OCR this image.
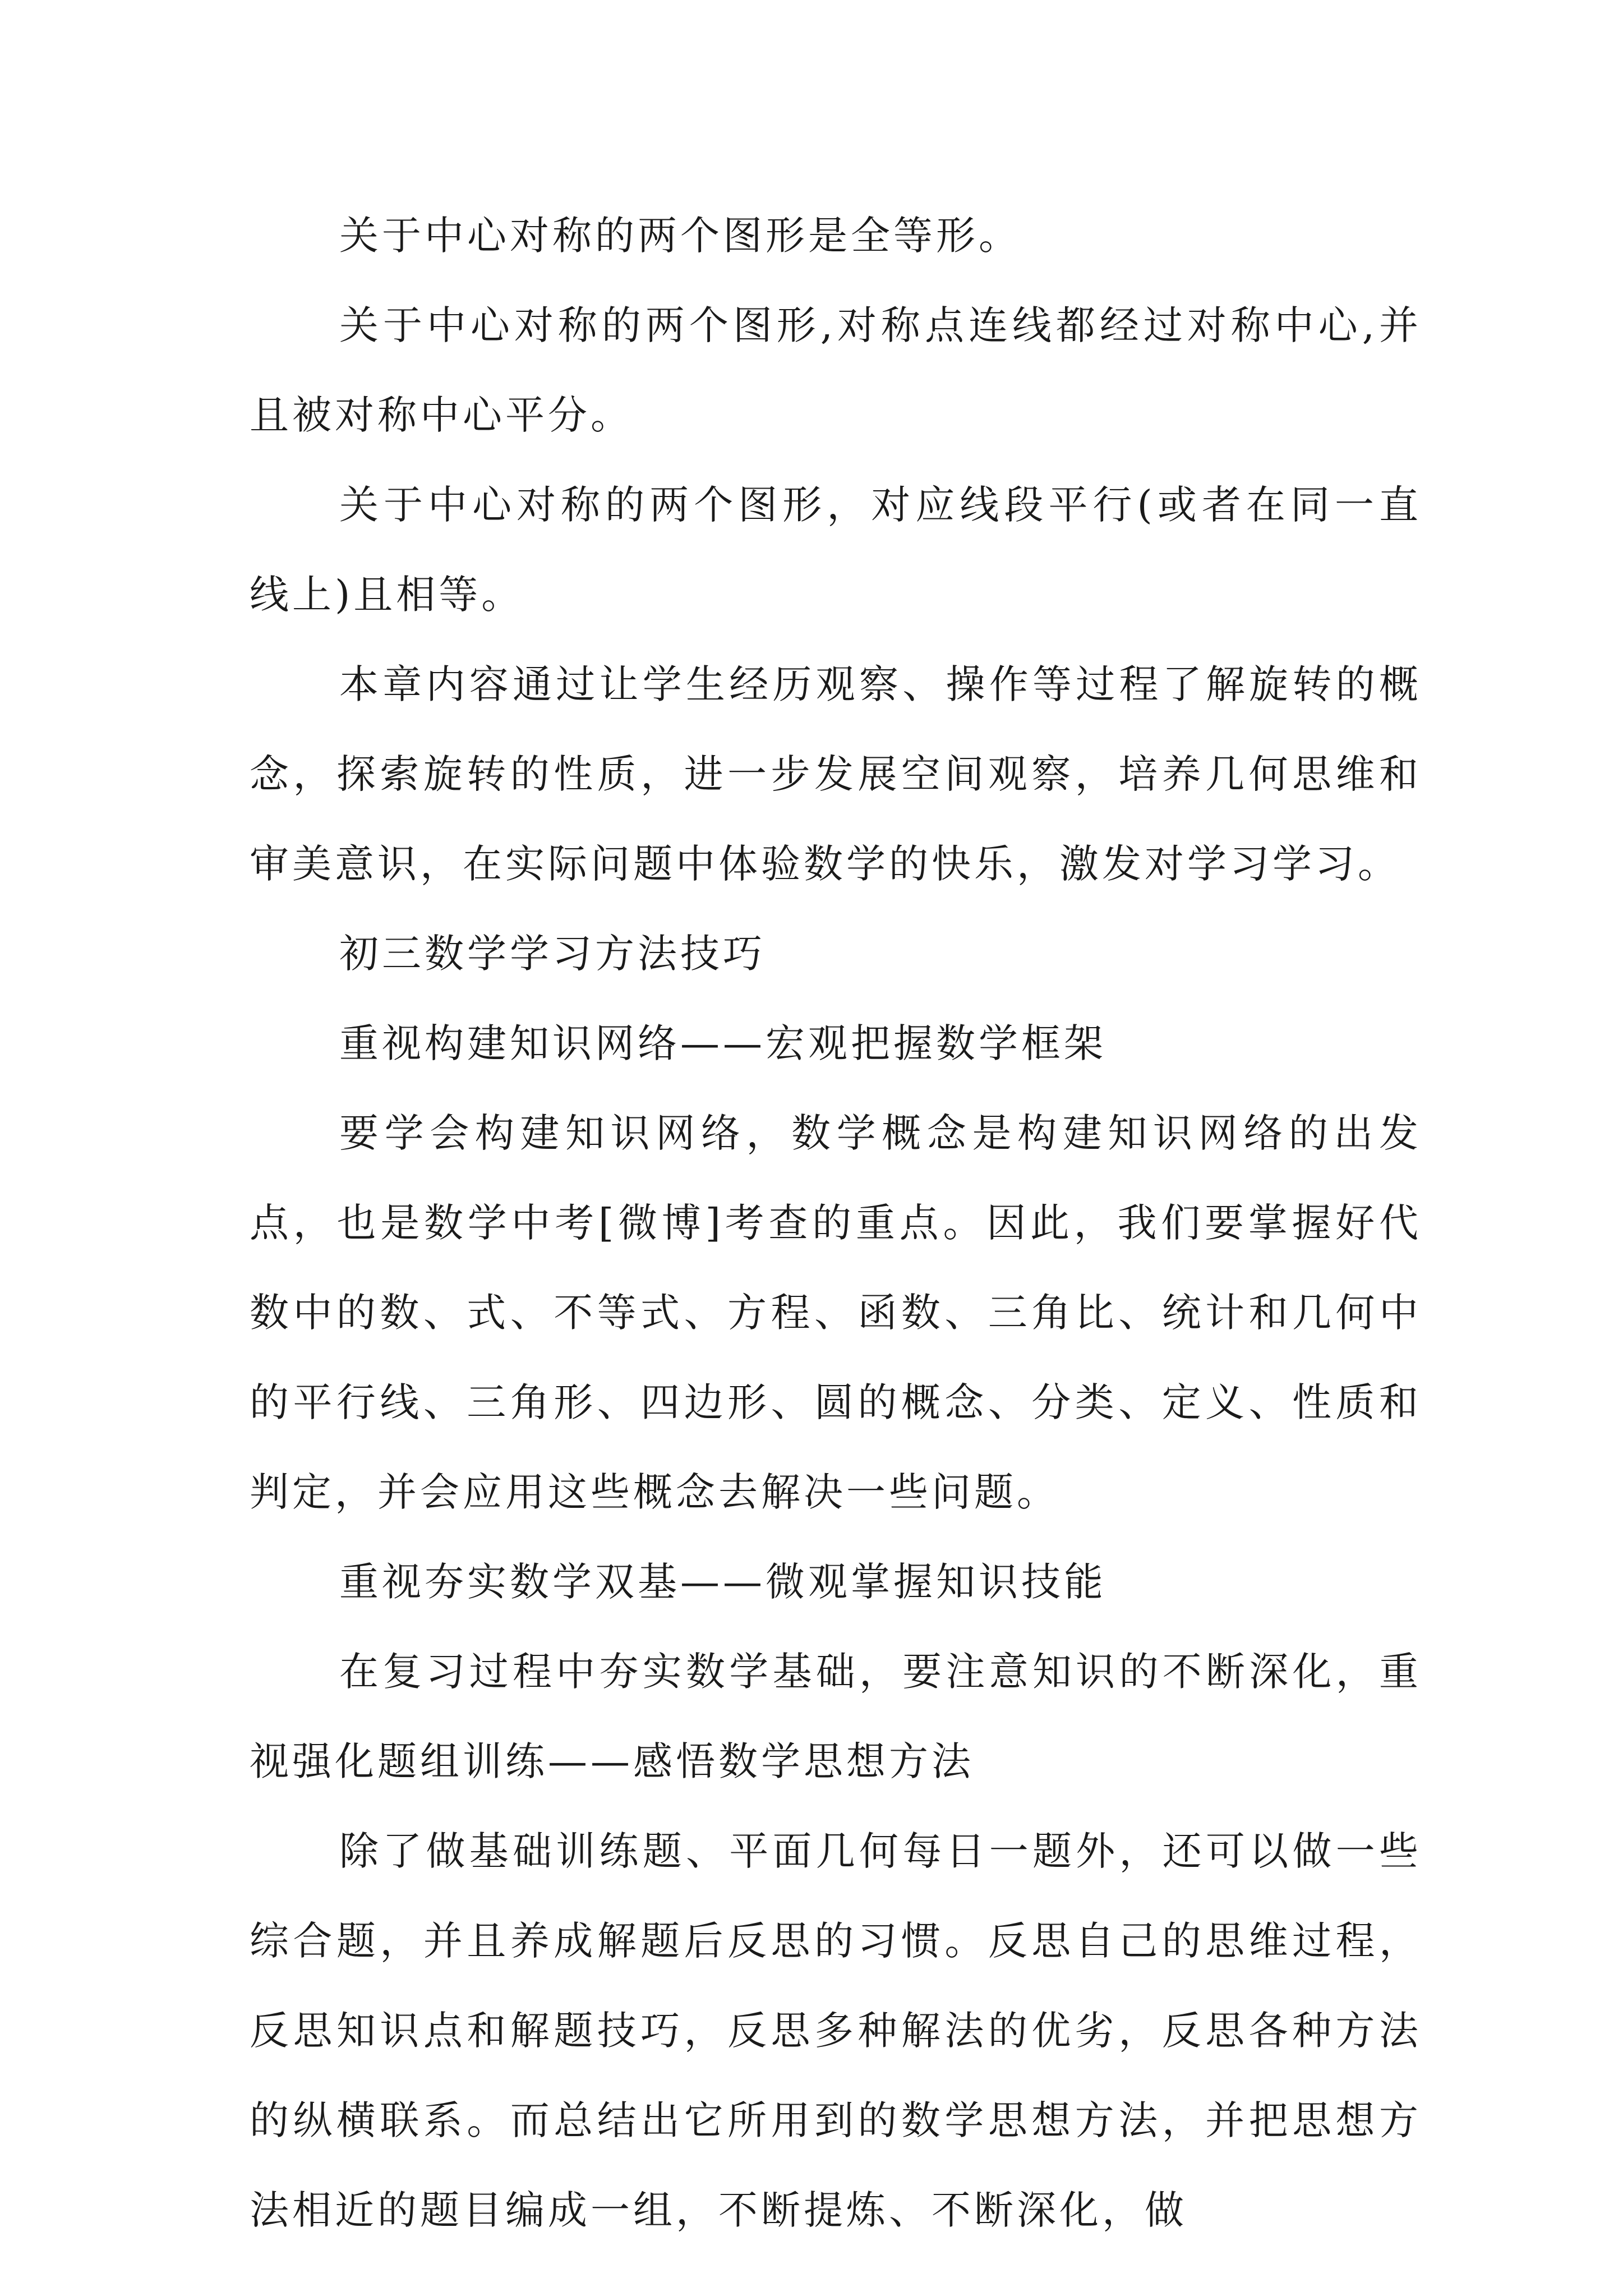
关于中心对称的两个图形是全等形。

关于中心对称的两个图形,对称点连线都经过对称中心,并且被对称中心平分。

关于中心对称的两个图形，对应线段平行(或者在同一直线上)且相等。

本章内容通过让学生经历观察、操作等过程了解旋转的概念，探索旋转的性质，进一步发展空间观察，培养几何思维和审美意识，在实际问题中体验数学的快乐，激发对学习学习。

初三数学学习方法技巧

重视构建知识网络——宏观把握数学框架

要学会构建知识网络，数学概念是构建知识网络的出发点，也是数学中考[微博]考查的重点。因此，我们要掌握好代数中的数、式、不等式、方程、函数、三角比、统计和几何中的平行线、三角形、四边形、圆的概念、分类、定义、性质和判定，并会应用这些概念去解决一些问题。

重视夯实数学双基——微观掌握知识技能

在复习过程中夯实数学基础，要注意知识的不断深化，重视强化题组训练——感悟数学思想方法

除了做基础训练题、平面几何每日一题外，还可以做一些综合题，并且养成解题后反思的习惯。反思自己的思维过程，反思知识点和解题技巧，反思多种解法的优劣，反思各种方法的纵横联系。而总结出它所用到的数学思想方法，并把思想方法相近的题目编成一组，不断提炼、不断深化，做
